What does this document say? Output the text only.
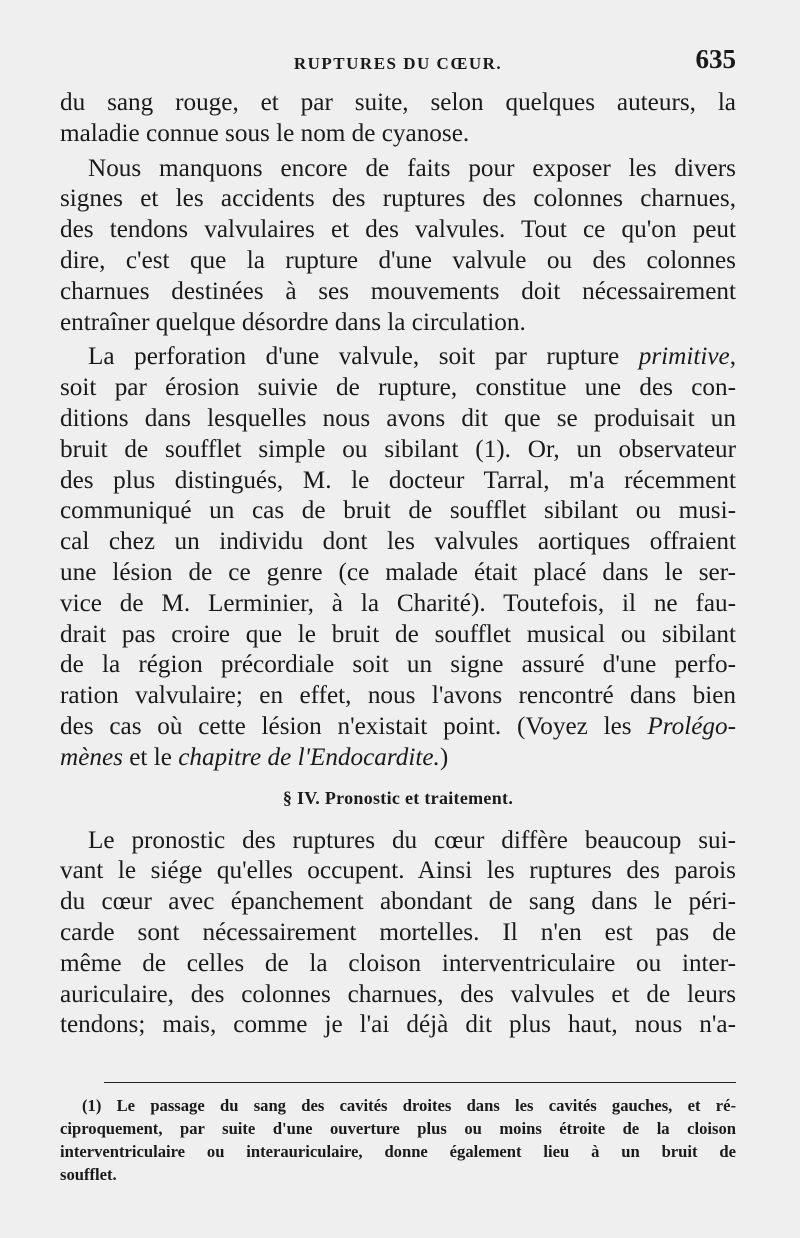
RUPTURES DU CŒUR.	635

du sang rouge, et par suite, selon quelques auteurs, la

maladie connue sous le nom de cyanose.

Nous manquons encore de faits pour exposer les divers

signes et les accidents des ruptures des colonnes charnues,

des tendons valvulaires et des valvules. Tout ce qu'on peut

dire, c'est que la rupture d'une valvule ou des colonnes

charnues destinées à ses mouvements doit nécessairement

entraîner quelque désordre dans la circulation.

La perforation d'une valvule, soit par rupture primitive,

soit par érosion suivie de rupture, constitue une des con-

ditions dans lesquelles nous avons dit que se produisait un

bruit de soufflet simple ou sibilant (1). Or, un observateur

des plus distingués, M. le docteur Tarral, m'a récemment

communiqué un cas de bruit de soufflet sibilant ou musi-

cal chez un individu dont les valvules aortiques offraient

une lésion de ce genre (ce malade était placé dans le ser-

vice de M. Lerminier, à la Charité). Toutefois, il ne fau-

drait pas croire que le bruit de soufflet musical ou sibilant

de la région précordiale soit un signe assuré d'une perfo-

ration valvulaire; en effet, nous l'avons rencontré dans bien

des cas où cette lésion n'existait point. (Voyez les Prolégo-

mènes et le chapitre de l'Endocardite.)

§ IV. Pronostic et traitement.

Le pronostic des ruptures du cœur diffère beaucoup sui-

vant le siége qu'elles occupent. Ainsi les ruptures des parois

du cœur avec épanchement abondant de sang dans le péri-

carde sont nécessairement mortelles. Il n'en est pas de

même de celles de la cloison interventriculaire ou inter-

auriculaire, des colonnes charnues, des valvules et de leurs

tendons; mais, comme je l'ai déjà dit plus haut, nous n'a-

(1) Le passage du sang des cavités droites dans les cavités gauches, et ré-

ciproquement, par suite d'une ouverture plus ou moins étroite de la cloison

interventriculaire ou interauriculaire, donne également lieu à un bruit de

soufflet.
